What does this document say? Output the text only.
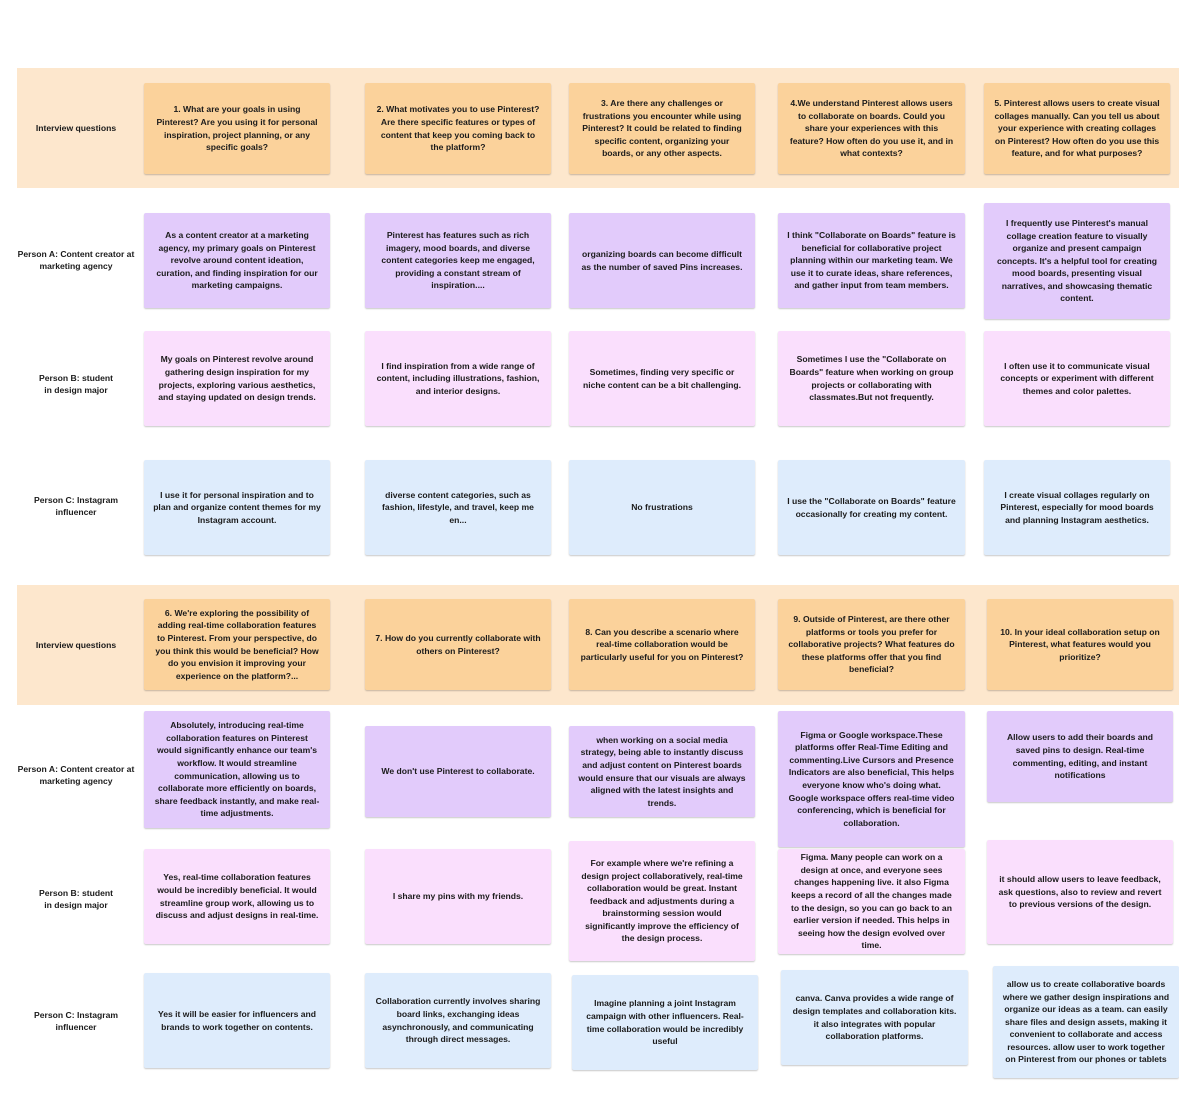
Interview questions
Person A: Content creator at marketing agency
Person B: student
in design major
Person C: Instagram influencer
1. What are your goals in using Pinterest? Are you using it for personal inspiration, project planning, or any specific goals?
2. What motivates you to use Pinterest? Are there specific features or types of content that keep you coming back to the platform?
3. Are there any challenges or frustrations you encounter while using Pinterest? It could be related to finding specific content, organizing your boards, or any other aspects.
4.We understand Pinterest allows users to collaborate on boards. Could you share your experiences with this feature? How often do you use it, and in what contexts?
5. Pinterest allows users to create visual collages manually. Can you tell us about your experience with creating collages on Pinterest? How often do you use this feature, and for what purposes?
As a content creator at a marketing agency, my primary goals on Pinterest revolve around content ideation, curation, and finding inspiration for our marketing campaigns.
Pinterest has features such as rich imagery, mood boards, and diverse content categories keep me engaged, providing a constant stream of inspiration....
organizing boards can become difficult as the number of saved Pins increases.
I think "Collaborate on Boards" feature is beneficial for collaborative project planning within our marketing team. We use it to curate ideas, share references, and gather input from team members.
I frequently use Pinterest's manual collage creation feature to visually organize and present campaign concepts. It's a helpful tool for creating mood boards, presenting visual narratives, and showcasing thematic content.
My goals on Pinterest revolve around gathering design inspiration for my projects, exploring various aesthetics, and staying updated on design trends.
I find inspiration from a wide range of content, including illustrations, fashion, and interior designs.
Sometimes, finding very specific or niche content can be a bit challenging.
Sometimes I use the "Collaborate on Boards" feature when working on group projects or collaborating with classmates.But not frequently.
I often use it to communicate visual concepts or experiment with different themes and color palettes.
I use it for personal inspiration and to plan and organize content themes for my Instagram account.
diverse content categories, such as fashion, lifestyle, and travel, keep me en...
No frustrations
I use the "Collaborate on Boards" feature occasionally for creating my content.
I create visual collages regularly on Pinterest, especially for mood boards and planning Instagram aesthetics.
Interview questions
Person A: Content creator at marketing agency
Person B: student
in design major
Person C: Instagram influencer
6. We're exploring the possibility of adding real-time collaboration features to Pinterest. From your perspective, do you think this would be beneficial? How do you envision it improving your experience on the platform?...
7. How do you currently collaborate with others on Pinterest?
8. Can you describe a scenario where real-time collaboration would be particularly useful for you on Pinterest?
9. Outside of Pinterest, are there other platforms or tools you prefer for collaborative projects? What features do these platforms offer that you find beneficial?
10. In your ideal collaboration setup on Pinterest, what features would you prioritize?
Absolutely, introducing real-time collaboration features on Pinterest would significantly enhance our team's workflow. It would streamline communication, allowing us to collaborate more efficiently on boards, share feedback instantly, and make real-time adjustments.
We don't use Pinterest to collaborate.
when working on a social media strategy, being able to instantly discuss and adjust content on Pinterest boards would ensure that our visuals are always aligned with the latest insights and trends.
Figma or Google workspace.These platforms offer Real-Time Editing and commenting.Live Cursors and Presence Indicators are also beneficial, This helps everyone know who's doing what. Google workspace offers real-time video conferencing, which is beneficial for collaboration.
Allow users to add their boards and saved pins to design. Real-time commenting, editing, and instant notifications
Yes, real-time collaboration features would be incredibly beneficial. It would streamline group work, allowing us to discuss and adjust designs in real-time.
I share my pins with my friends.
For example where we're refining a design project collaboratively, real-time collaboration would be great. Instant feedback and adjustments during a brainstorming session would significantly improve the efficiency of the design process.
Figma. Many people can work on a design at once, and everyone sees changes happening live. it also Figma keeps a record of all the changes made to the design, so you can go back to an earlier version if needed. This helps in seeing how the design evolved over time.
it should allow users to leave feedback, ask questions, also to review and revert to previous versions of the design.
Yes it will be easier for influencers and brands to work together on contents.
Collaboration currently involves sharing board links, exchanging ideas asynchronously, and communicating through direct messages.
Imagine planning a joint Instagram campaign with other influencers. Real-time collaboration would be incredibly useful
canva. Canva provides a wide range of design templates and collaboration kits. it also integrates with popular collaboration platforms.
allow us to create collaborative boards where we gather design inspirations and organize our ideas as a team. can easily share files and design assets, making it convenient to collaborate and access resources. allow user to work together on Pinterest from our phones or tablets
